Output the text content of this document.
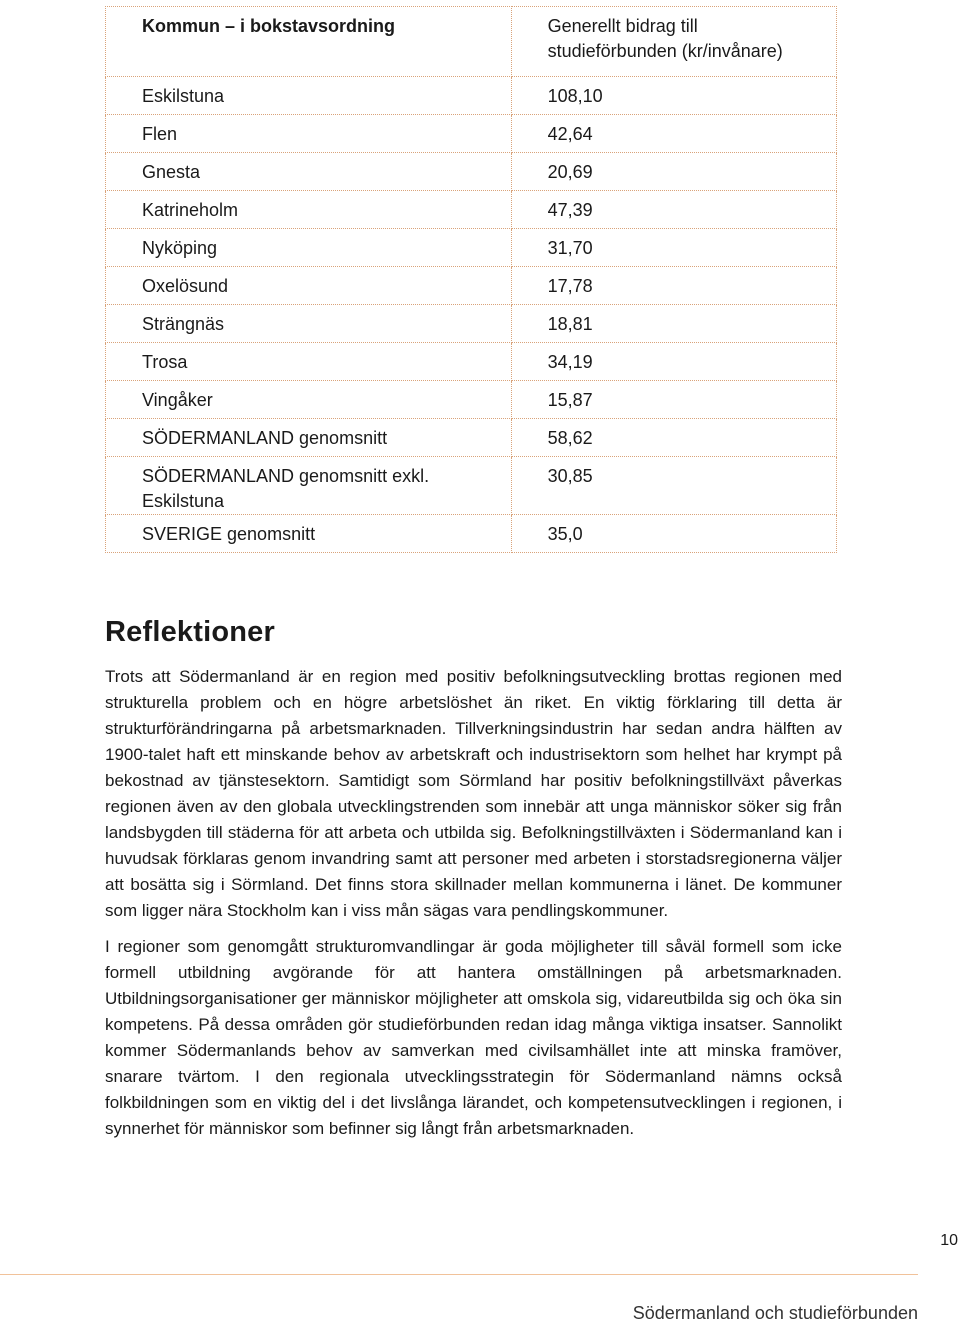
Kommun – i bokstavsordning	Generellt bidrag till studieförbunden (kr/invånare)
Eskilstuna	108,10
Flen	42,64
Gnesta	20,69
Katrineholm	47,39
Nyköping	31,70
Oxelösund	17,78
Strängnäs	18,81
Trosa	34,19
Vingåker	15,87
SÖDERMANLAND genomsnitt	58,62
SÖDERMANLAND genomsnitt exkl. Eskilstuna	30,85
SVERIGE genomsnitt	35,0
Reflektioner

Trots att Södermanland är en region med positiv befolkningsutveckling brottas regionen med strukturella problem och en högre arbetslöshet än riket. En viktig förklaring till detta är strukturförändringarna på arbetsmarknaden. Tillverkningsindustrin har sedan andra hälften av 1900-talet haft ett minskande behov av arbetskraft och industrisektorn som helhet har krympt på bekostnad av tjänstesektorn. Samtidigt som Sörmland har positiv befolkningstillväxt påverkas regionen även av den globala utvecklingstrenden som innebär att unga människor söker sig från landsbygden till städerna för att arbeta och utbilda sig. Befolkningstillväxten i Södermanland kan i huvudsak förklaras genom invandring samt att personer med arbeten i storstadsregionerna väljer att bosätta sig i Sörmland. Det finns stora skillnader mellan kommunerna i länet. De kommuner som ligger nära Stockholm kan i viss mån sägas vara pendlingskommuner.

I regioner som genomgått strukturomvandlingar är goda möjligheter till såväl formell som icke formell utbildning avgörande för att hantera omställningen på arbetsmarknaden. Utbildningsorganisationer ger människor möjligheter att omskola sig, vidareutbilda sig och öka sin kompetens. På dessa områden gör studieförbunden redan idag många viktiga insatser. Sannolikt kommer Södermanlands behov av samverkan med civilsamhället inte att minska framöver, snarare tvärtom. I den regionala utvecklingsstrategin för Södermanland nämns också folkbildningen som en viktig del i det livslånga lärandet, och kompetensutvecklingen i regionen, i synnerhet för människor som befinner sig långt från arbetsmarknaden.

10
Södermanland och studieförbunden
